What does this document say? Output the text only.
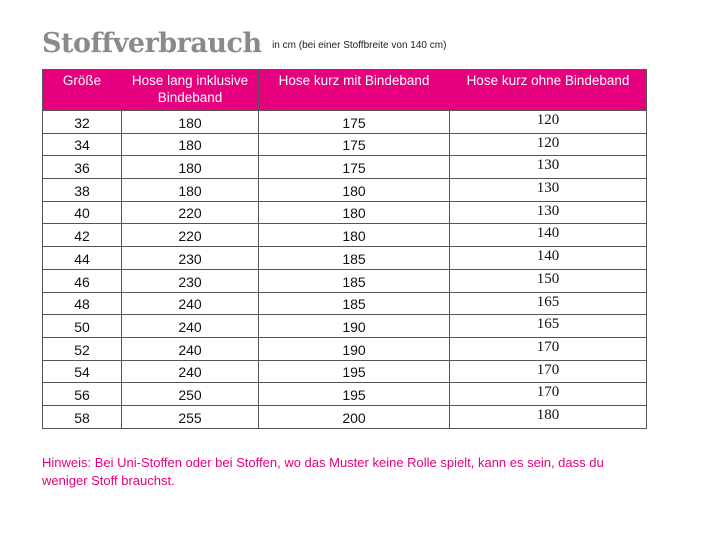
Stoffverbrauch $^{in cm (bei einer Stoffbreite von 140 cm)}$
Größe	Hose lang inklusive Bindeband	Hose kurz mit Bindeband	Hose kurz ohne Bindeband
32	180	175	120
34	180	175	120
36	180	175	130
38	180	180	130
40	220	180	130
42	220	180	140
44	230	185	140
46	230	185	150
48	240	185	165
50	240	190	165
52	240	190	170
54	240	195	170
56	250	195	170
58	255	200	180
Hinweis: Bei Uni-Stoffen oder bei Stoffen, wo das Muster keine Rolle spielt, kann es sein, dass du weniger Stoff brauchst.
